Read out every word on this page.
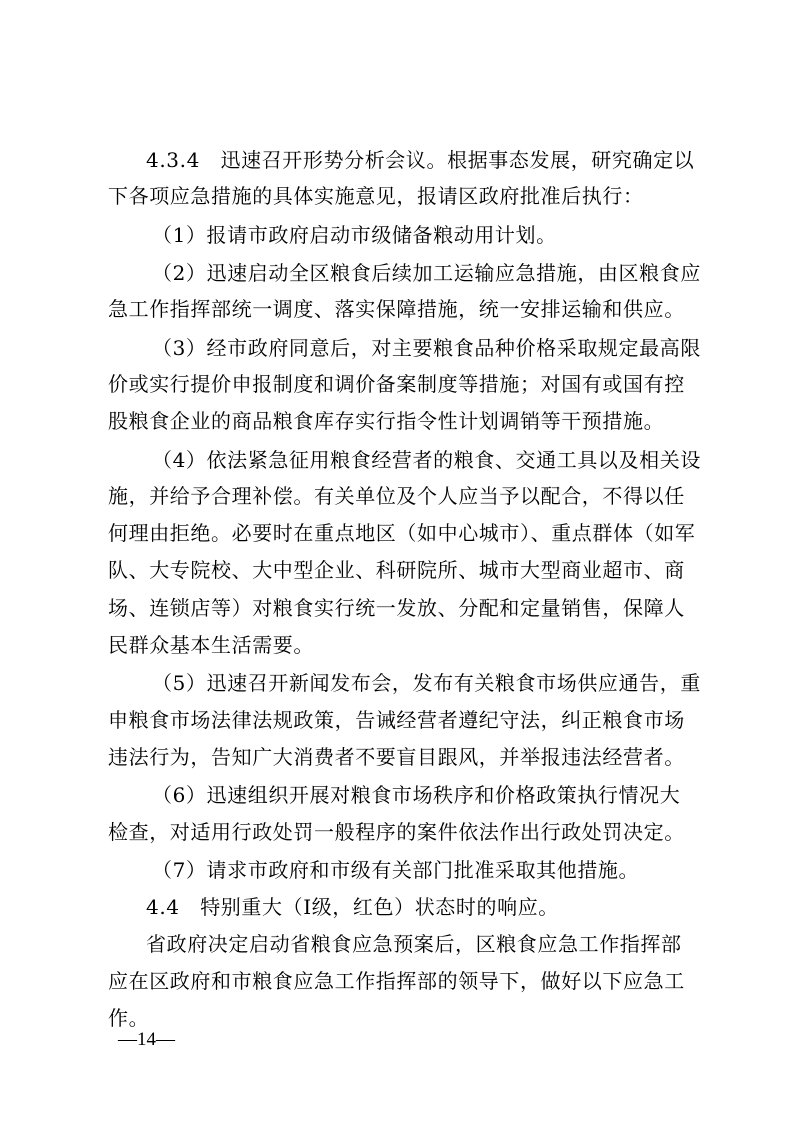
4.3.4　迅速召开形势分析会议。根据事态发展，研究确定以
下各项应急措施的具体实施意见，报请区政府批准后执行：
（1）报请市政府启动市级储备粮动用计划。
（2）迅速启动全区粮食后续加工运输应急措施，由区粮食应
急工作指挥部统一调度、落实保障措施，统一安排运输和供应。
（3）经市政府同意后，对主要粮食品种价格采取规定最高限
价或实行提价申报制度和调价备案制度等措施；对国有或国有控
股粮食企业的商品粮食库存实行指令性计划调销等干预措施。
（4）依法紧急征用粮食经营者的粮食、交通工具以及相关设
施，并给予合理补偿。有关单位及个人应当予以配合，不得以任
何理由拒绝。必要时在重点地区（如中心城市）、重点群体（如军
队、大专院校、大中型企业、科研院所、城市大型商业超市、商
场、连锁店等）对粮食实行统一发放、分配和定量销售，保障人
民群众基本生活需要。
（5）迅速召开新闻发布会，发布有关粮食市场供应通告，重
申粮食市场法律法规政策，告诫经营者遵纪守法，纠正粮食市场
违法行为，告知广大消费者不要盲目跟风，并举报违法经营者。
（6）迅速组织开展对粮食市场秩序和价格政策执行情况大
检查，对适用行政处罚一般程序的案件依法作出行政处罚决定。
（7）请求市政府和市级有关部门批准采取其他措施。
4.4　特别重大（Ⅰ级，红色）状态时的响应。
省政府决定启动省粮食应急预案后，区粮食应急工作指挥部
应在区政府和市粮食应急工作指挥部的领导下，做好以下应急工
作。
—14—
